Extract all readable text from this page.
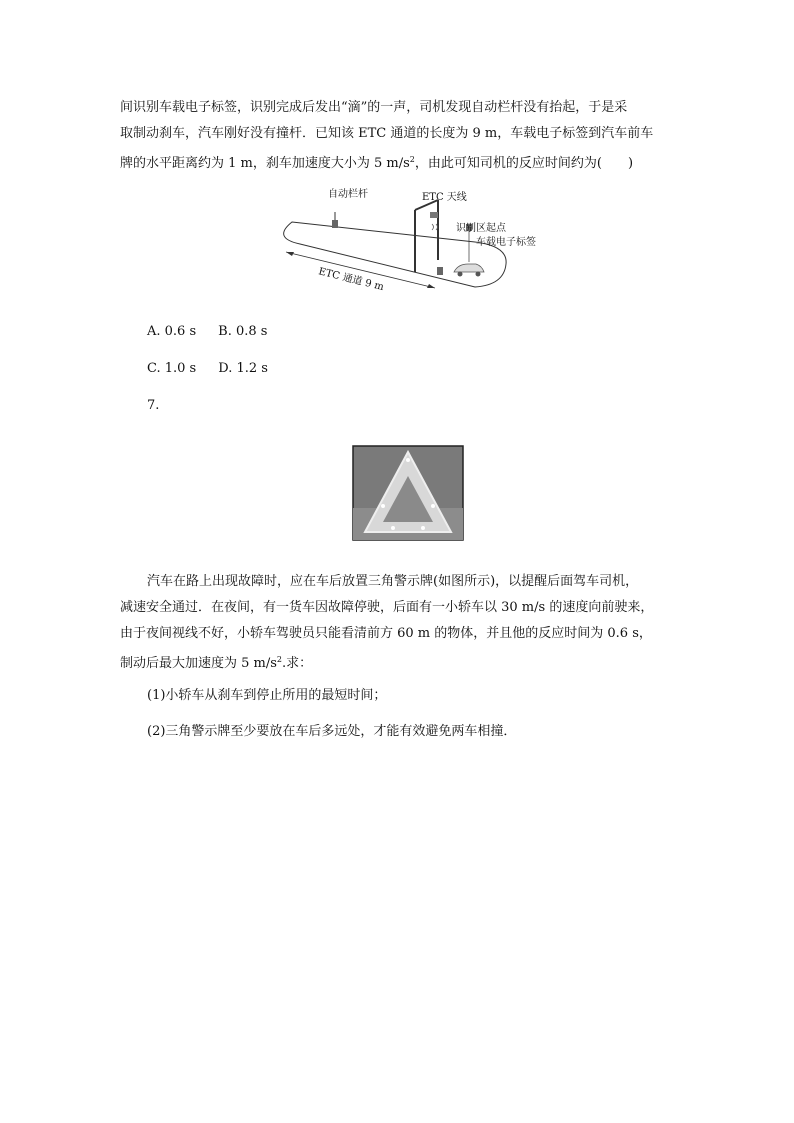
间识别车载电子标签，识别完成后发出“滴”的一声，司机发现自动栏杆没有抬起，于是采
取制动刹车，汽车刚好没有撞杆．已知该 ETC 通道的长度为 9 m，车载电子标签到汽车前车
牌的水平距离约为 1 m，刹车加速度大小为 5 $m/s^2$，由此可知司机的反应时间约为(　　)
自动栏杆	ETC 天线
识别区起点
车载电子标签
ETC 通道 9 m
A. 0.6 s B. 0.8 s
C. 1.0 s D. 1.2 s
7.
汽车在路上出现故障时，应在车后放置三角警示牌(如图所示)，以提醒后面驾车司机，
减速安全通过．在夜间，有一货车因故障停驶，后面有一小轿车以 30 m/s 的速度向前驶来，
由于夜间视线不好，小轿车驾驶员只能看清前方 60 m 的物体，并且他的反应时间为 0.6 s，
制动后最大加速度为 5 $m/s^2$.求：
(1)小轿车从刹车到停止所用的最短时间；
(2)三角警示牌至少要放在车后多远处，才能有效避免两车相撞．
